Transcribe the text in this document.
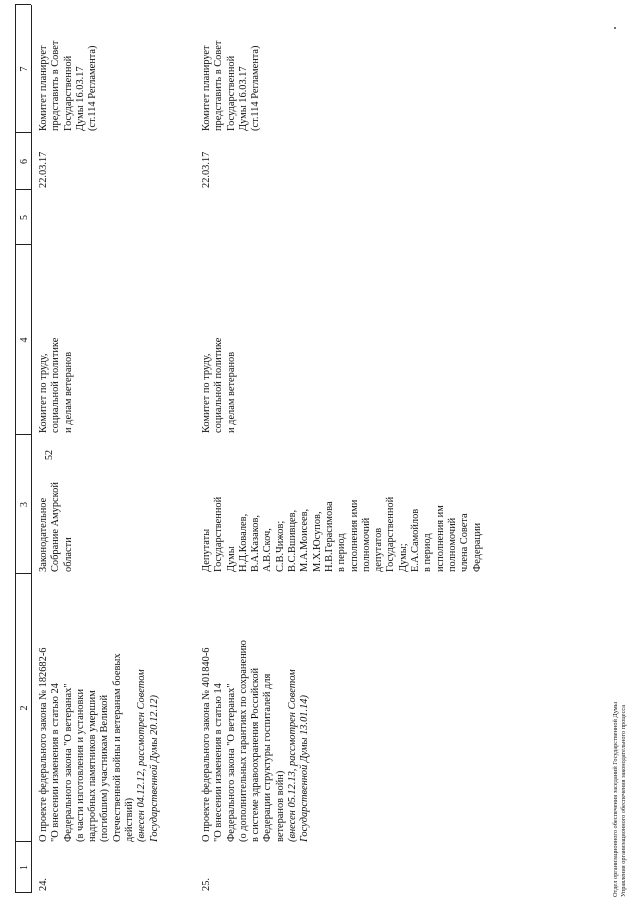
52
1
2
3
4
5
6
7
24.
О проекте федерального закона № 182682-6 "О внесении изменения в статью 24 Федерального закона "О ветеранах" (в части изготовления и установки надгробных памятников умершим (погибшим) участникам Великой Отечественной войны и ветеранам боевых действий) (внесен 04.12.12, рассмотрен Советом Государственной Думы 20.12.12)
Законодательное Собрание Амурской области
Комитет по труду, социальной политике и делам ветеранов
22.03.17
Комитет планирует представить в Совет Государственной Думы 16.03.17 (ст.114 Регламента)
25.
О проекте федерального закона № 401840-6 "О внесении изменения в статью 14 Федерального закона "О ветеранах" (о дополнительных гарантиях по сохранению в системе здравоохранения Российской Федерации структуры госпиталей для ветеранов войн) (внесен 05.12.13, рассмотрен Советом Государственной Думы 13.01.14)
Депутаты Государственной Думы Н.Д.Ковалев, В.А.Казаков, А.В.Скоч, С.В.Чижов; В.С.Вшивцев, М.А.Моисеев, М.Х.Юсупов, Н.В.Герасимова в период исполнения ими полномочий депутатов Государственной Думы; Е.А.Самойлов в период исполнения им полномочий члена Совета Федерации
Комитет по труду, социальной политике и делам ветеранов
22.03.17
Комитет планирует представить в Совет Государственной Думы 16.03.17 (ст.114 Регламента)
Отдел организационного обеспечения заседаний Государственной Думы Управления организационного обеспечения законодательного процесса
